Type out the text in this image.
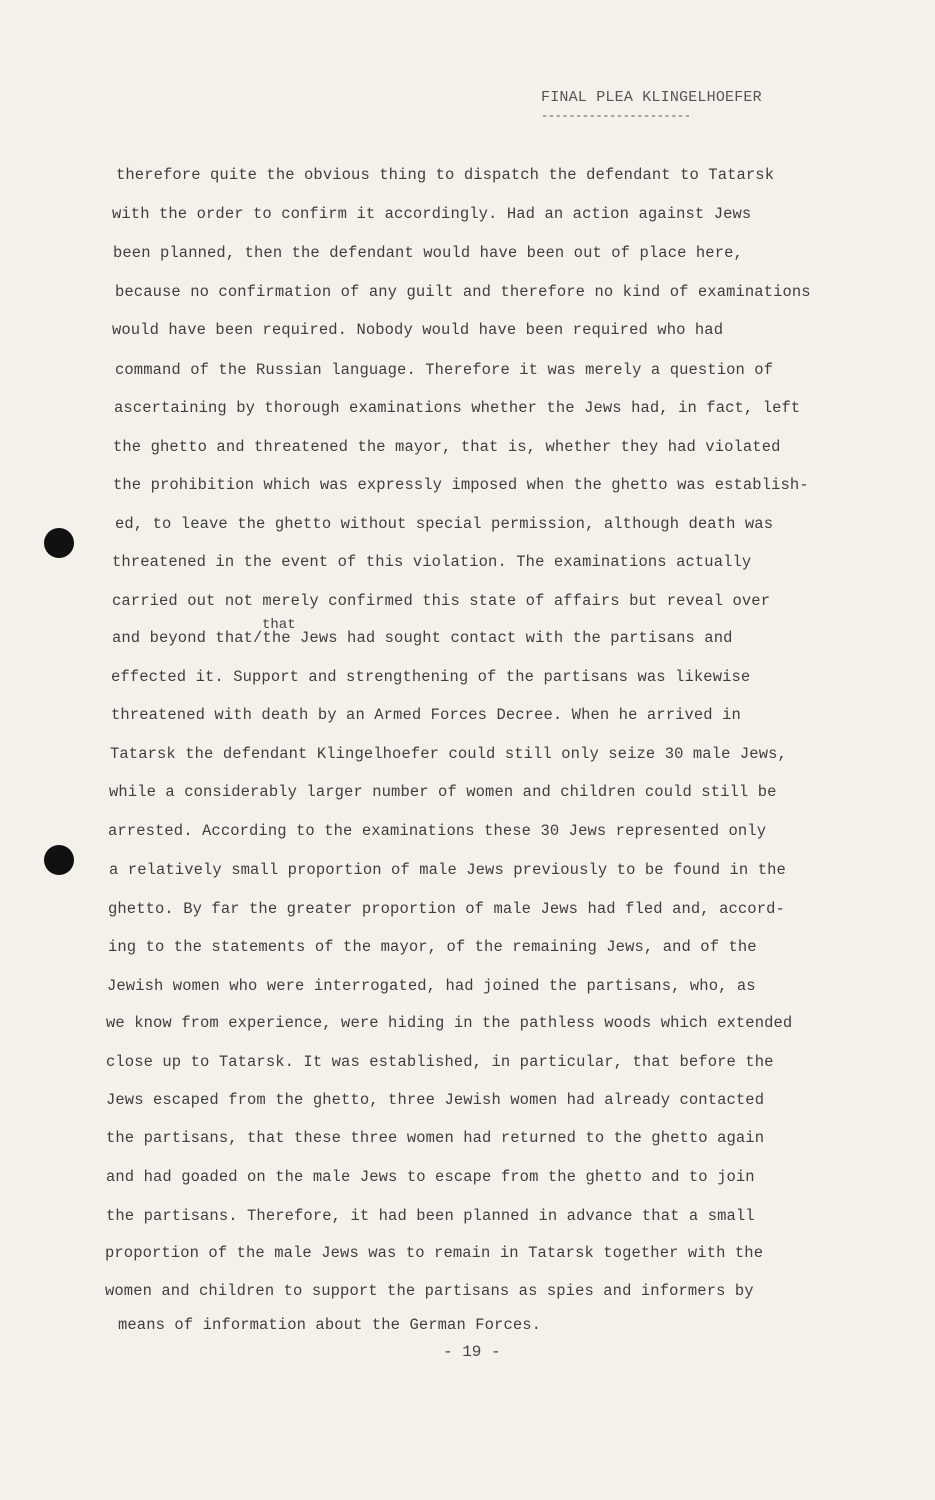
FINAL PLEA KLINGELHOEFER
----------------------
therefore quite the obvious thing to dispatch the defendant to Tatarsk
with the order to confirm it accordingly. Had an action against Jews
been planned, then the defendant would have been out of place here,
because no confirmation of any guilt and therefore no kind of examinations
would have been required. Nobody would have been required who had
command of the Russian language. Therefore it was merely a question of
ascertaining by thorough examinations whether the Jews had, in fact, left
the ghetto and threatened the mayor, that is, whether they had violated
the prohibition which was expressly imposed when the ghetto was establish-
ed, to leave the ghetto without special permission, although death was
threatened in the event of this violation. The examinations actually
carried out not merely confirmed this state of affairs but reveal over
and beyond that/the Jews had sought contact with the partisans and
effected it. Support and strengthening of the partisans was likewise
threatened with death by an Armed Forces Decree. When he arrived in
Tatarsk the defendant Klingelhoefer could still only seize 30 male Jews,
while a considerably larger number of women and children could still be
arrested. According to the examinations these 30 Jews represented only
a relatively small proportion of male Jews previously to be found in the
ghetto. By far the greater proportion of male Jews had fled and, accord-
ing to the statements of the mayor, of the remaining Jews, and of the
Jewish women who were interrogated, had joined the partisans, who, as
we know from experience, were hiding in the pathless woods which extended
close up to Tatarsk. It was established, in particular, that before the
Jews escaped from the ghetto, three Jewish women had already contacted
the partisans, that these three women had returned to the ghetto again
and had goaded on the male Jews to escape from the ghetto and to join
the partisans. Therefore, it had been planned in advance that a small
proportion of the male Jews was to remain in Tatarsk together with the
women and children to support the partisans as spies and informers by
means of information about the German Forces.
that
- 19 -
